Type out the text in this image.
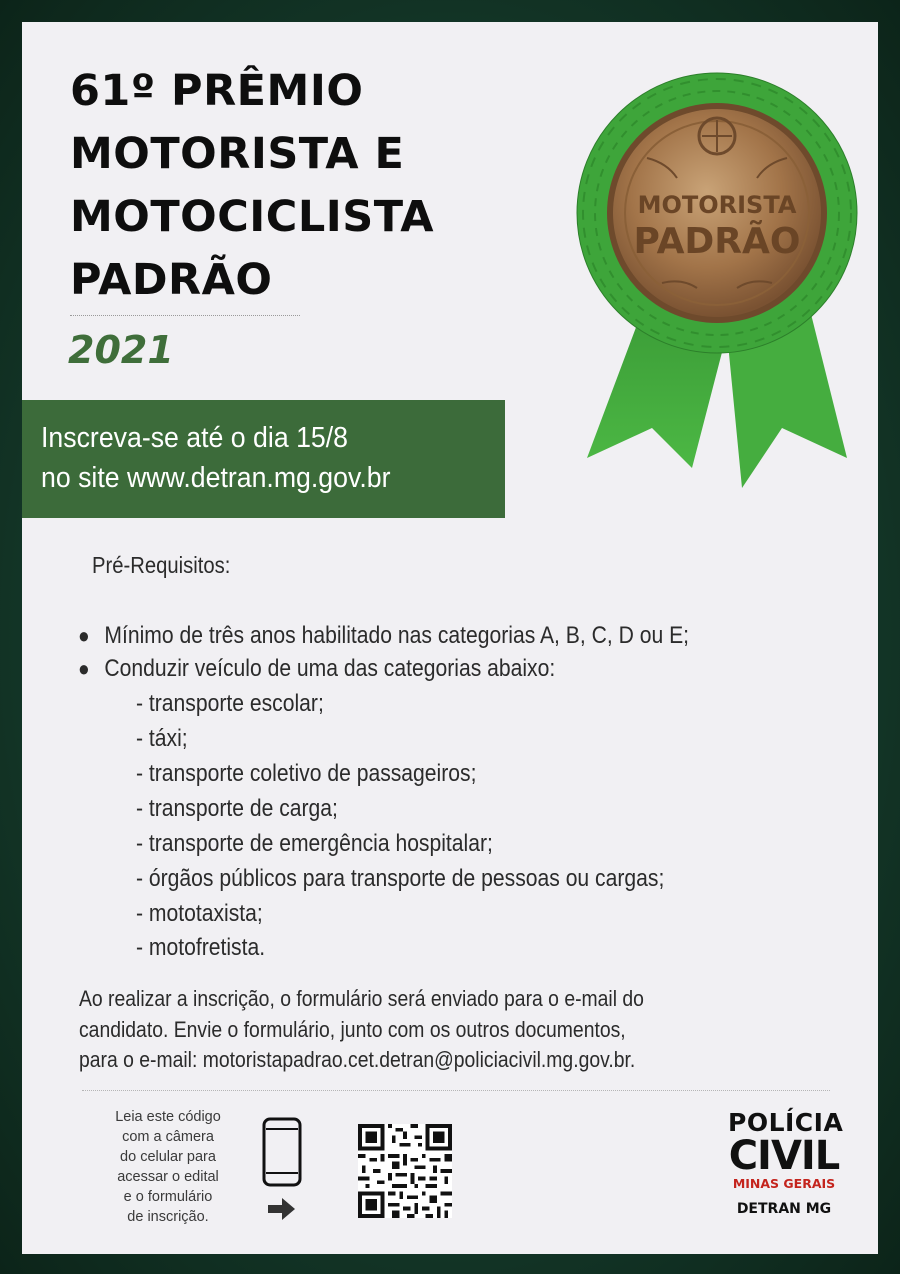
61º PRÊMIO
MOTORISTA E
MOTOCICLISTA
PADRÃO
2021
Inscreva-se até o dia 15/8
no site www.detran.mg.gov.br
MOTORISTA
PADRÃO
Pré-Requisitos:
● Mínimo de três anos habilitado nas categorias A, B, C, D ou E;
● Conduzir veículo de uma das categorias abaixo:
- transporte escolar;
- táxi;
- transporte coletivo de passageiros;
- transporte de carga;
- transporte de emergência hospitalar;
- órgãos públicos para transporte de pessoas ou cargas;
- mototaxista;
- motofretista.
Ao realizar a inscrição, o formulário será enviado para o e-mail do
candidato. Envie o formulário, junto com os outros documentos,
para o e-mail: motoristapadrao.cet.detran@policiacivil.mg.gov.br.
Leia este código
com a câmera
do celular para
acessar o edital
e o formulário
de inscrição.
POLÍCIA
CIVIL
MINAS GERAIS
DETRAN MG
